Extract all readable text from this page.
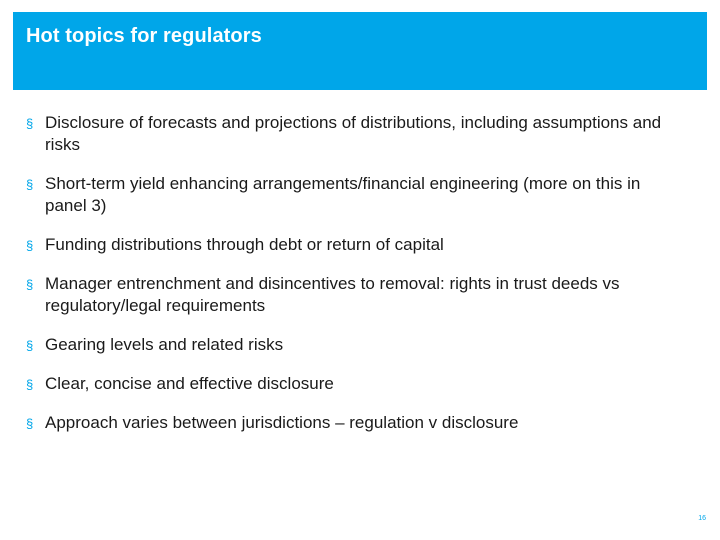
Hot topics for regulators
§ Disclosure of forecasts and projections of distributions, including assumptions and risks
§ Short-term yield enhancing arrangements/financial engineering (more on this in panel 3)
§ Funding distributions through debt or return of capital
§ Manager entrenchment and disincentives to removal: rights in trust deeds vs regulatory/legal requirements
§ Gearing levels and related risks
§ Clear, concise and effective disclosure
§ Approach varies between jurisdictions – regulation v disclosure
16
